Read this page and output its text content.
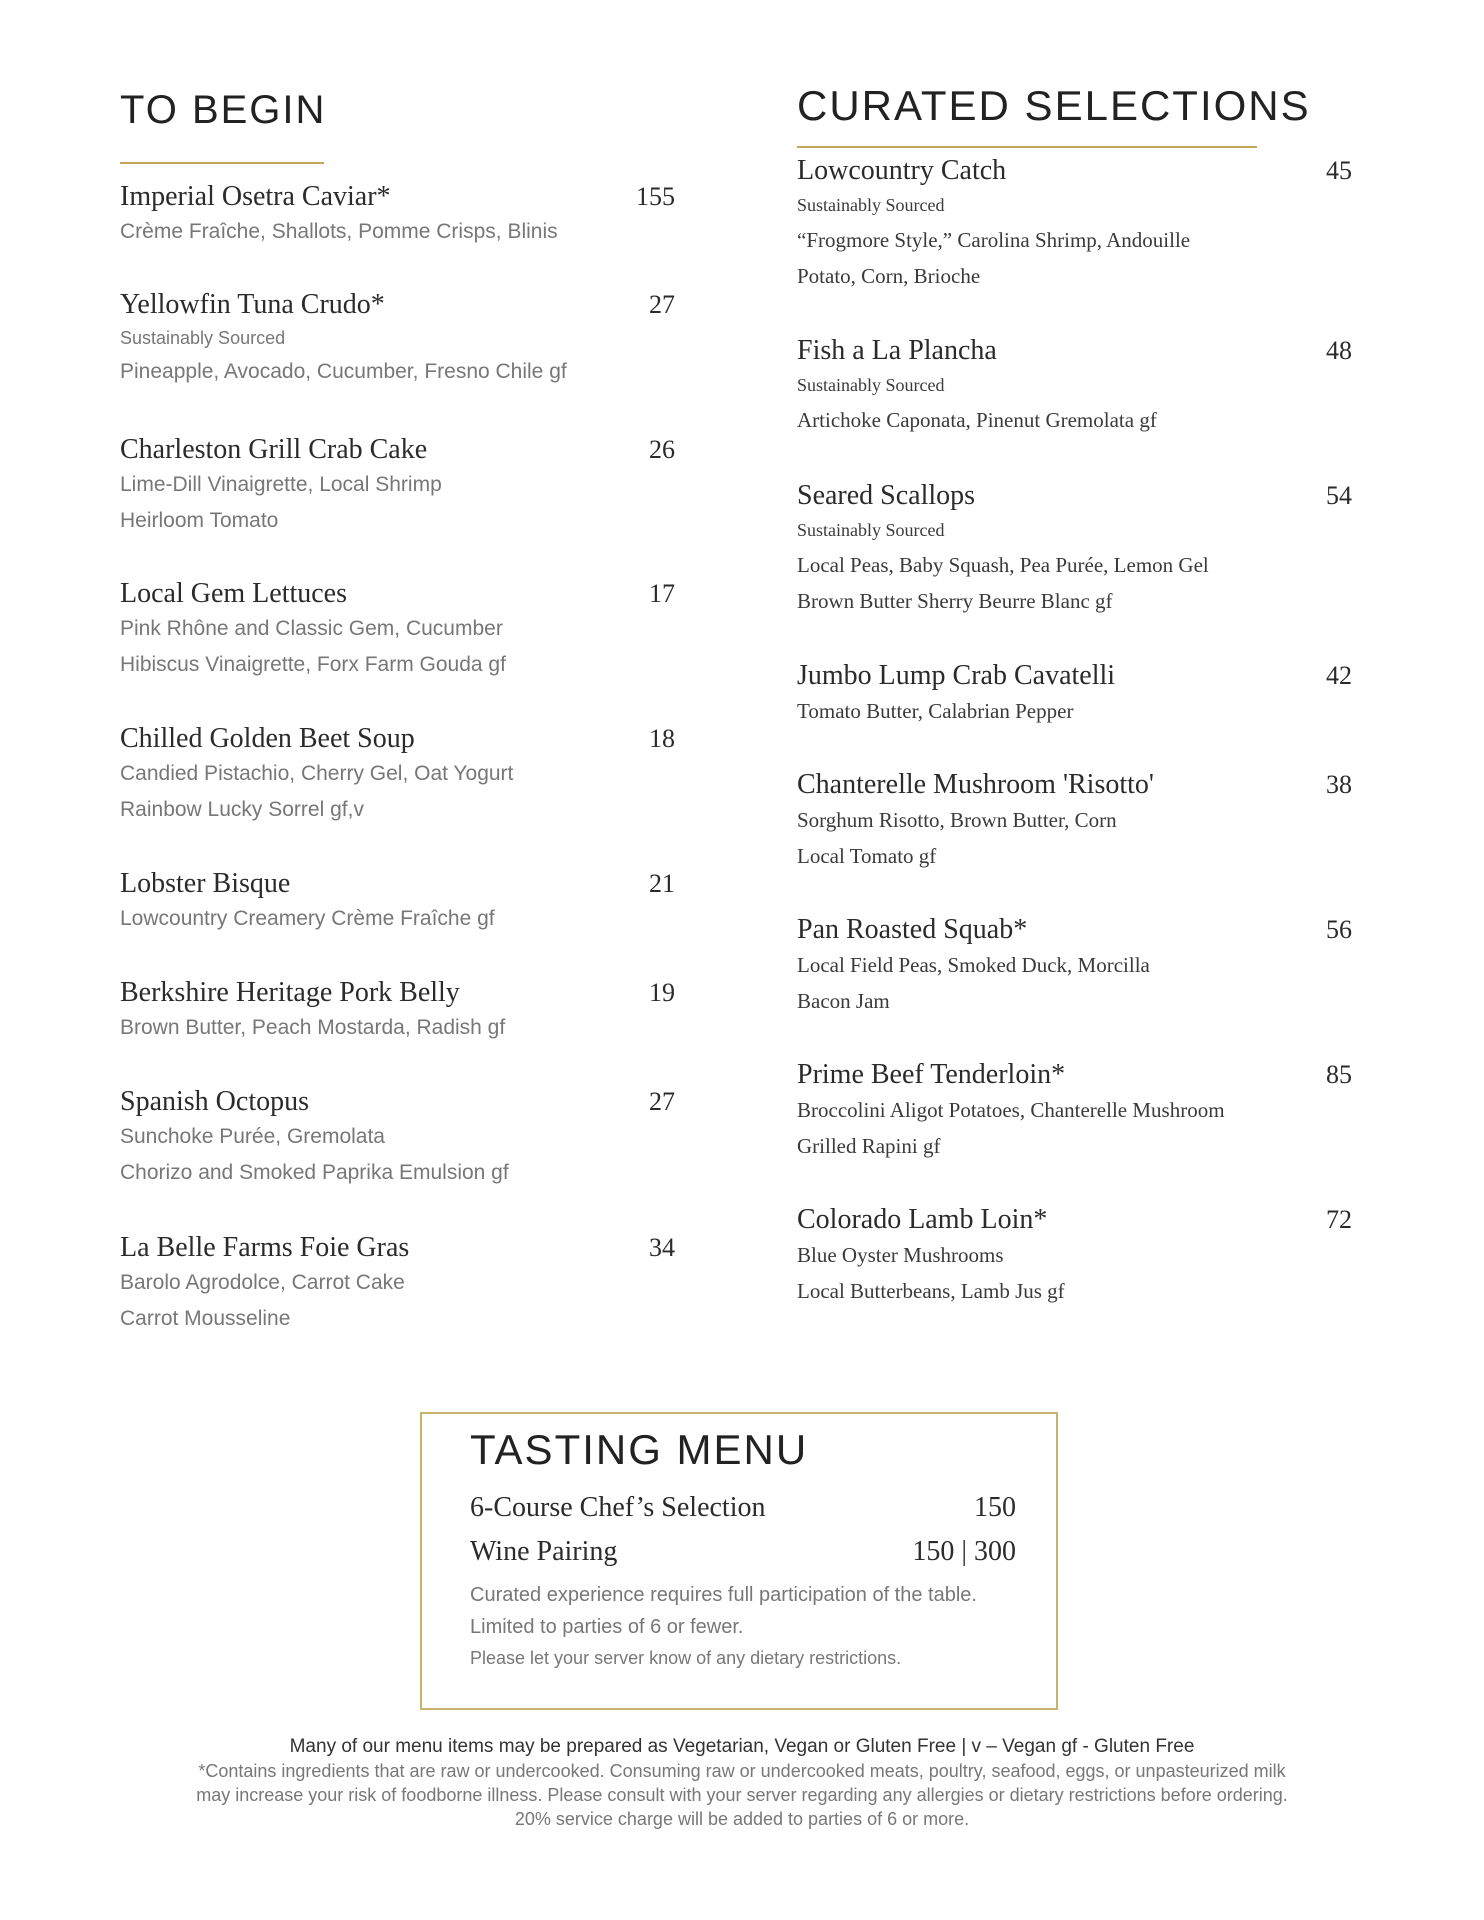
TO BEGIN
Imperial Osetra Caviar*	155
Crème Fraîche, Shallots, Pomme Crisps, Blinis
Yellowfin Tuna Crudo*	27
Sustainably Sourced
Pineapple, Avocado, Cucumber, Fresno Chile gf
Charleston Grill Crab Cake	26
Lime-Dill Vinaigrette, Local Shrimp
Heirloom Tomato
Local Gem Lettuces	17
Pink Rhône and Classic Gem, Cucumber
Hibiscus Vinaigrette, Forx Farm Gouda gf
Chilled Golden Beet Soup	18
Candied Pistachio, Cherry Gel, Oat Yogurt
Rainbow Lucky Sorrel gf,v
Lobster Bisque	21
Lowcountry Creamery Crème Fraîche gf
Berkshire Heritage Pork Belly	19
Brown Butter, Peach Mostarda, Radish gf
Spanish Octopus	27
Sunchoke Purée, Gremolata
Chorizo and Smoked Paprika Emulsion gf
La Belle Farms Foie Gras	34
Barolo Agrodolce, Carrot Cake
Carrot Mousseline
CURATED SELECTIONS
Lowcountry Catch	45
Sustainably Sourced
“Frogmore Style,” Carolina Shrimp, Andouille
Potato, Corn, Brioche
Fish a La Plancha	48
Sustainably Sourced
Artichoke Caponata, Pinenut Gremolata gf
Seared Scallops	54
Sustainably Sourced
Local Peas, Baby Squash, Pea Purée, Lemon Gel
Brown Butter Sherry Beurre Blanc gf
Jumbo Lump Crab Cavatelli	42
Tomato Butter, Calabrian Pepper
Chanterelle Mushroom 'Risotto'	38
Sorghum Risotto, Brown Butter, Corn
Local Tomato gf
Pan Roasted Squab*	56
Local Field Peas, Smoked Duck, Morcilla
Bacon Jam
Prime Beef Tenderloin*	85
Broccolini Aligot Potatoes, Chanterelle Mushroom
Grilled Rapini gf
Colorado Lamb Loin*	72
Blue Oyster Mushrooms
Local Butterbeans, Lamb Jus gf
TASTING MENU
6-Course Chef’s Selection	150
Wine Pairing	150 | 300
Curated experience requires full participation of the table.
Limited to parties of 6 or fewer.
Please let your server know of any dietary restrictions.
Many of our menu items may be prepared as Vegetarian, Vegan or Gluten Free | v – Vegan gf - Gluten Free
*Contains ingredients that are raw or undercooked. Consuming raw or undercooked meats, poultry, seafood, eggs, or unpasteurized milk
may increase your risk of foodborne illness. Please consult with your server regarding any allergies or dietary restrictions before ordering.
20% service charge will be added to parties of 6 or more.
